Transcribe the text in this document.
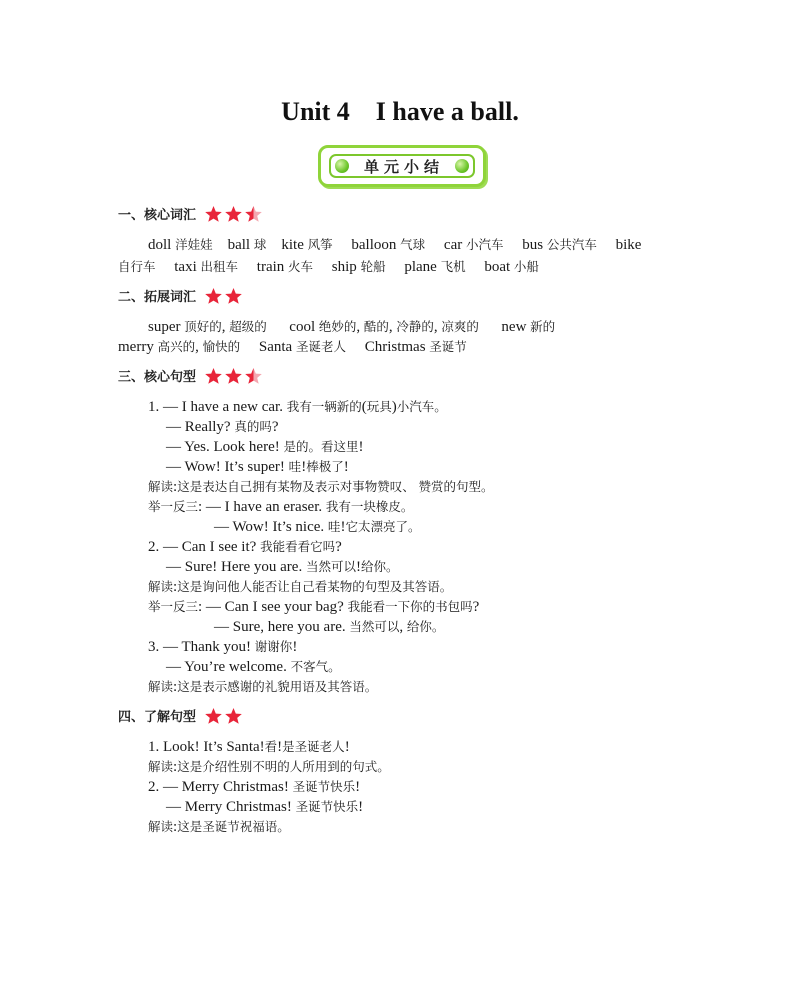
Unit 4    I have a ball.
单元小结
一、核心词汇
doll 洋娃娃    ball 球    kite 风筝     balloon 气球     car 小汽车     bus 公共汽车     bike
自行车     taxi 出租车     train 火车     ship 轮船     plane 飞机     boat 小船
二、拓展词汇
super 顶好的, 超级的      cool 绝妙的, 酷的, 冷静的, 凉爽的      new 新的
merry 高兴的, 愉快的     Santa 圣诞老人     Christmas 圣诞节
三、核心句型
1. — I have a new car. 我有一辆新的(玩具)小汽车。
— Really? 真的吗?
— Yes. Look here! 是的。看这里!
— Wow! It’s super! 哇!棒极了!
解读:这是表达自己拥有某物及表示对事物赞叹、 赞赏的句型。
举一反三: — I have an eraser. 我有一块橡皮。
— Wow! It’s nice. 哇!它太漂亮了。
2. — Can I see it? 我能看看它吗?
— Sure! Here you are. 当然可以!给你。
解读:这是询问他人能否让自己看某物的句型及其答语。
举一反三: — Can I see your bag? 我能看一下你的书包吗?
— Sure, here you are. 当然可以, 给你。
3. — Thank you! 谢谢你!
— You’re welcome. 不客气。
解读:这是表示感谢的礼貌用语及其答语。
四、了解句型
1. Look! It’s Santa!看!是圣诞老人!
解读:这是介绍性别不明的人所用到的句式。
2. — Merry Christmas! 圣诞节快乐!
— Merry Christmas! 圣诞节快乐!
解读:这是圣诞节祝福语。
